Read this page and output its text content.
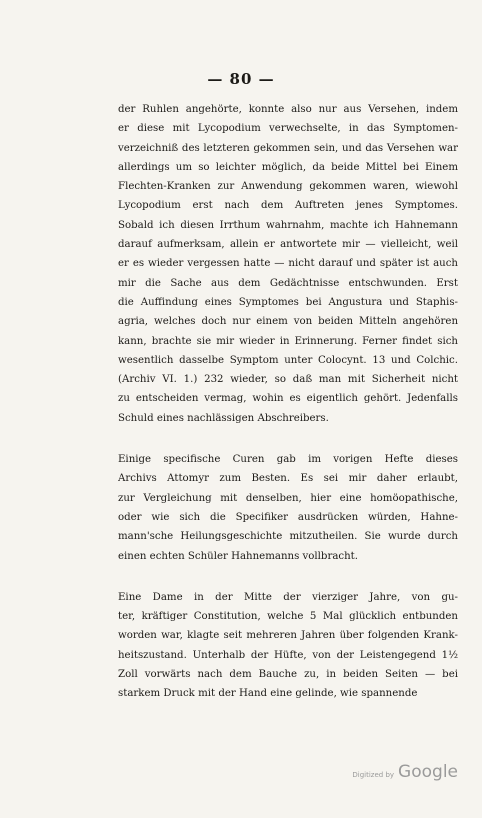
— 80 —
der Ruhlen angehörte, konnte also nur aus Versehen, indem
er diese mit Lycopodium verwechselte, in das Symptomen-
verzeichniß des letzteren gekommen sein, und das Versehen war
allerdings um so leichter möglich, da beide Mittel bei Einem
Flechten-Kranken zur Anwendung gekommen waren, wiewohl
Lycopodium erst nach dem Auftreten jenes Symptomes.
Sobald ich diesen Irrthum wahrnahm, machte ich Hahnemann
darauf aufmerksam, allein er antwortete mir — vielleicht, weil
er es wieder vergessen hatte — nicht darauf und später ist auch
mir die Sache aus dem Gedächtnisse entschwunden. Erst
die Auffindung eines Symptomes bei Angustura und Staphis-
agria, welches doch nur einem von beiden Mitteln angehören
kann, brachte sie mir wieder in Erinnerung. Ferner findet sich
wesentlich dasselbe Symptom unter Colocynt. 13 und Colchic.
(Archiv VI. 1.) 232 wieder, so daß man mit Sicherheit nicht
zu entscheiden vermag, wohin es eigentlich gehört. Jedenfalls
Schuld eines nachlässigen Abschreibers.
Einige specifische Curen gab im vorigen Hefte dieses
Archivs Attomyr zum Besten. Es sei mir daher erlaubt,
zur Vergleichung mit denselben, hier eine homöopathische,
oder wie sich die Specifiker ausdrücken würden, Hahne-
mann'sche Heilungsgeschichte mitzutheilen. Sie wurde durch
einen echten Schüler Hahnemanns vollbracht.
Eine Dame in der Mitte der vierziger Jahre, von gu-
ter, kräftiger Constitution, welche 5 Mal glücklich entbunden
worden war, klagte seit mehreren Jahren über folgenden Krank-
heitszustand. Unterhalb der Hüfte, von der Leistengegend 1½
Zoll vorwärts nach dem Bauche zu, in beiden Seiten — bei
starkem Druck mit der Hand eine gelinde, wie spannende
Digitized by Google
